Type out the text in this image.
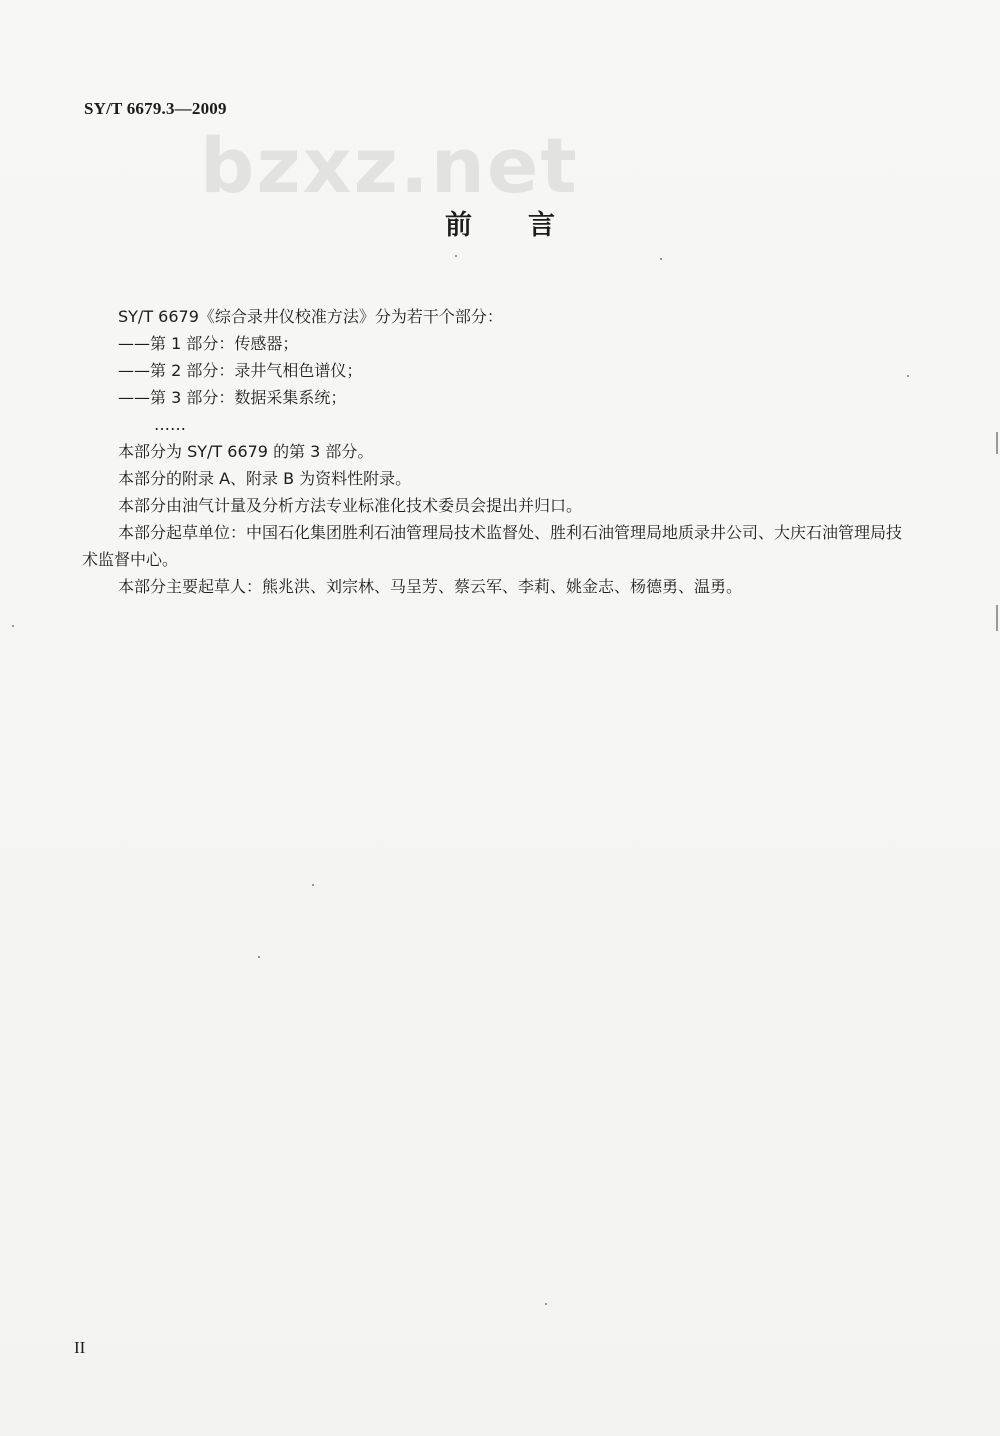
SY/T 6679.3—2009
bzxz.net
前言

SY/T 6679《综合录井仪校准方法》分为若干个部分：

——第 1 部分：传感器；

——第 2 部分：录井气相色谱仪；

——第 3 部分：数据采集系统；

……

本部分为 SY/T 6679 的第 3 部分。

本部分的附录 A、附录 B 为资料性附录。

本部分由油气计量及分析方法专业标准化技术委员会提出并归口。

本部分起草单位：中国石化集团胜利石油管理局技术监督处、胜利石油管理局地质录井公司、大庆石油管理局技术监督中心。

本部分主要起草人：熊兆洪、刘宗林、马呈芳、蔡云军、李莉、姚金志、杨德勇、温勇。

II
